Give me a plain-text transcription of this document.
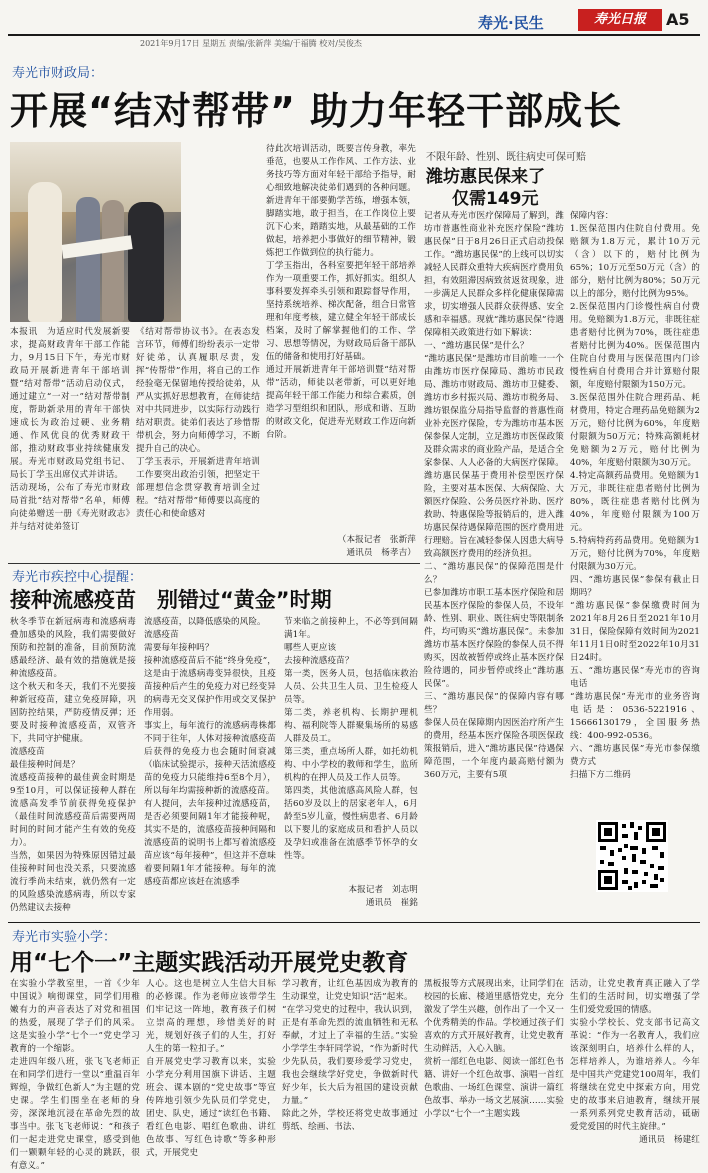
寿光·民生	寿光日报	A5
2021年9月17日 星期五 责编/张新萍 美编/于福腾 校对/吴俊杰
寿光市财政局：
开展“结对帮带” 助力年轻干部成长
本报讯　为适应时代发展新要求，提高财政青年干部工作能力，9月15日下午，寿光市财政局开展新进青年干部培训暨“结对帮带”活动启动仪式，通过建立“一对一”结对帮带制度，帮助新录用的青年干部快速成长为政治过硬、业务精通、作风优良的优秀财政干部，推动财政事业持续健康发展。寿光市财政局党组书记、局长丁学玉出席仪式并讲话。
活动现场，公布了寿光市财政局首批“结对帮带”名单，师傅向徒弟赠送一册《寿光财政志》并与结对徒弟签订
《结对帮带协议书》。在表态发言环节，师傅们纷纷表示一定带好徒弟，认真履职尽责，发挥“传帮带”作用，将自己的工作经验毫无保留地传授给徒弟，从严从实抓好思想教育，在师徒结对中共同进步，以实际行动践行结对职责。徒弟们表达了珍惜帮带机会，努力向师傅学习，不断提升自己的决心。
丁学玉表示，开展新进青年培训工作要突出政治引领，把坚定干部理想信念贯穿教育培训全过程。“结对帮带”师傅要以高度的责任心和使命感对
待此次培训活动，既要言传身教，率先垂范，也要从工作作风、工作方法、业务技巧等方面对年轻干部给予指导，耐心细致地解决徒弟们遇到的各种问题。新进青年干部要勤学苦练，增强本领，脚踏实地，敢于担当，在工作岗位上要沉下心来，踏踏实地，从最基础的工作做起，培养把小事做好的细节精神，锻炼把工作做到位的执行能力。
丁学玉指出，各科室要把年轻干部培养作为一项重要工作，抓好抓实。组织人事科要发挥牵头引领和跟踪督导作用，坚持系统培养、梯次配备，组合日常管理和年度考核，建立健全年轻干部成长档案，及时了解掌握他们的工作、学习、思想等情况，为财政局后备干部队伍的储备和使用打好基础。
通过开展新进青年干部培训暨“结对帮带”活动，师徒以老带新，可以更好地提高年轻干部工作能力和综合素质，创造学习型组织和团队，形成和谐、互助的财政文化，促进寿光财政工作迈向新台阶。
（本报记者　张新萍
通讯员　杨孝吉）
不限年龄、性别、既往病史可保可赔
潍坊惠民保来了
仅需149元
记者从寿光市医疗保障局了解到，潍坊市普惠性商业补充医疗保险“潍坊惠民保”日于8月26日正式启动投保工作。“潍坊惠民保”的上线可以切实减轻人民群众重特大疾病医疗费用负担，有效阻滞因病致贫返贫现象，进一步满足人民群众多样化健康保障需求，切实增强人民群众获得感、安全感和幸福感。现就“潍坊惠民保”待遇保障相关政策进行如下解读：
一、“潍坊惠民保”是什么？
“潍坊惠民保”是潍坊市目前唯一一个由潍坊市医疗保障局、潍坊市民政局、潍坊市财政局、潍坊市卫健委、潍坊市乡村振兴局、潍坊市税务局、潍坊银保监分局指导监督的普惠性商业补充医疗保险，专为潍坊市基本医保参保人定制，立足潍坊市医保政策及群众需求的商业险产品，是适合全家参保、人人必备的大病医疗保障。潍坊惠民保基于费用补偿型医疗保险，主要对基本医保、大病保险、大额医疗保险、公务员医疗补助、医疗救助、特惠保险等报销后的，进入潍坊惠民保待遇保障范围的医疗费用进行理赔。旨在减轻参保人因患大病导致高额医疗费用的经济负担。
二、“潍坊惠民保”的保障范围是什么？
已参加潍坊市职工基本医疗保险和居民基本医疗保险的参保人员，不设年龄、性别、职业、既往病史等限制条件，均可购买“潍坊惠民保”。未参加潍坊市基本医疗保险的参保人员不得购买，因故被暂停或终止基本医疗保险待遇的，同步暂停或终止“潍坊惠民保”。
三、“潍坊惠民保”的保障内容有哪些？
参保人员在保障期内因医治疗所产生的费用，经基本医疗保险各项医保政策报销后，进入“潍坊惠民保”待遇保障范围，一个年度内最高赔付额为360万元，主要有5项
保障内容：
1.医保范围内住院自付费用。免赔额为1.8万元，累计10万元（含）以下的，赔付比例为65%；10万元至50万元（含）的部分，赔付比例为80%；50万元以上的部分，赔付比例为95%。
2.医保范围内门诊慢性病自付费用。免赔额为1.8万元，非既往症患者赔付比例为70%，既往症患者赔付比例为40%。医保范围内住院自付费用与医保范围内门诊慢性病自付费用合并计算赔付限额，年度赔付限额为150万元。
3.医保范围外住院合理药品、耗材费用，特定合理药品免赔额为2万元，赔付比例为60%，年度赔付限额为50万元；特殊高额耗材免赔额为2万元，赔付比例为40%，年度赔付限额为30万元。
4.特定高额药品费用。免赔额为1万元，非既往症患者赔付比例为80%，既往症患者赔付比例为40%，年度赔付限额为100万元。
5.特病特药药品费用。免赔额为1万元，赔付比例为70%，年度赔付限额为30万元。
四、“潍坊惠民保”参保有截止日期吗？
“潍坊惠民保”参保缴费时间为2021年8月26日至2021年10月31日，保险保障有效时间为2021年11月1日0时至2022年10月31日24时。
五、“潍坊惠民保”寿光市的咨询电话
“潍坊惠民保”寿光市的业务咨询电话是：0536-5221916、15666130179，全国服务热线：400-992-0536。
六、“潍坊惠民保”寿光市参保缴费方式
扫描下方二维码
寿光市疾控中心提醒：
接种流感疫苗　别错过“黄金”时期
秋冬季节在新冠病毒和流感病毒叠加感染的风险，我们需要做好预防和控制的准备，目前预防流感最经济、最有效的措施就是接种流感疫苗。
这个秋天和冬天，我们不光要接种新冠疫苗，建立免疫屏障，巩固防控结果，严防疫情反弹；还要及时接种流感疫苗，双管齐下，共同守护健康。
流感疫苗
最佳接种时间是？
流感疫苗接种的最佳黄金时期是9至10月，可以保证接种人群在流感高发季节前获得免疫保护（最佳时间流感疫苗后需要两周时间的时间才能产生有效的免疫力）。
当然，如果因为特殊原因错过最佳接种时间也没关系，只要流感流行季尚未结束，就仍然有一定的风险感染流感病毒，所以专家仍然建议去接种
流感疫苗，以降低感染的风险。
流感疫苗
需要每年接种吗？
接种流感疫苗后不能“终身免疫”，这是由于流感病毒变异很快，且疫苗接种后产生的免疫力对已经变异的病毒无交叉保护作用或交叉保护作用弱。
事实上，每年流行的流感病毒株都不同于往年，人体对接种流感疫苗后获得的免疫力也会随时间衰减（临床试验提示，接种天活流感疫苗的免疫力只能维持6至8个月），所以每年均需接种新的流感疫苗。
有人提问，去年接种过流感疫苗，是否必须要间隔1年才能接种呢，其实不是的，流感疫苗接种间隔和流感疫苗的说明书上都写着流感疫苗应该“每年接种”，但这并不意味着要间隔1年才能接种。每年的流感疫苗都应该赶在流感季
节来临之前接种上，不必等到间隔满1年。
哪些人更应该
去接种流感疫苗？
第一类，医务人员，包括临床救治人员、公共卫生人员、卫生检疫人员等。
第二类，养老机构、长期护理机构、福利院等人群聚集场所的易感人群及员工。
第三类，重点场所人群，如托幼机构、中小学校的教师和学生，监所机构的在押人员及工作人员等。
第四类，其他流感高风险人群，包括60岁及以上的居家老年人，6月龄至5岁儿童，慢性病患者、6月龄以下婴儿的家庭成员和看护人员以及孕妇或准备在流感季节怀孕的女性等。
本报记者　刘志明
通讯员　崔銘
寿光市实验小学：
用“七个一”主题实践活动开展党史教育
在实验小学教室里，一首《少年中国说》响彻课堂，同学们用稚嫩有力的声音表达了对党和祖国的热爱，展现了学子们的风采。这是实验小学“七个一”党史学习教育的一个缩影。
走进四年级八班，张飞飞老师正在和同学们进行一堂以“重温百年辉煌，争做红色新人”为主题的党史课。学生们围坐在老师的身旁，深深地沉浸在革命先烈的故事当中。张飞飞老师说：“和孩子们一起走进党史课堂，感受到他们一颗颗年轻的心灵的跳跃，很有意义。”
人心。这也是树立人生信大目标的必修课。作为老师应该带学生们牢记这一阵地，教育孩子们树立崇高的理想，珍惜美好的时光，规划好孩子们的人生，打好人生的第一粒扣子。”
自开展党史学习教育以来，实验小学充分利用国旗下讲话、主题班会、课本剧的“党史故事”等宣传阵地引领少先队员们学党史，团史、队史，通过“读红色书籍、看红色电影、唱红色歌曲、讲红色故事、写红色诗歌”等多种形式，开展党史
学习教育，让红色基因成为教育的生动课堂，让党史知识“活”起来。
“在学习党史的过程中，我认识到，正是有革命先烈的流血牺牲和无私奉献，才过上了幸福的生活。”实验小学学生李轩同学说，“作为新时代少先队员，我们要珍爱学习党史，我也会继续学好党史，争做新时代好少年，长大后为祖国的建设贡献力量。”
除此之外，学校还将党史故事通过剪纸、绘画、书法、
黑板报等方式展现出来，让同学们在校园的长廊、楼道里感悟党史，充分激发了学生兴趣，创作出了一个又一个优秀精美的作品。学校通过孩子们喜欢的方式开展好教育，让党史教育生动鲜活，入心入脑。
赏析一部红色电影、阅读一部红色书籍、讲好一个红色故事、演唱一首红色歌曲、一场红色课堂、演讲一篇红色故事、举办一场文艺展演……实验小学以“七个一”主题实践
活动，让党史教育真正融入了学生们的生活时间，切实增强了学生们爱党爱国的情感。
实验小学校长、党支部书记高文革说：“作为一名教育人，我们应该深刻明白，培养什么样的人，怎样培养人，为谁培养人。今年是中国共产党建党100周年，我们将继续在党史中探索方向，用党史的故事来启迪教育，继续开展一系列系列党史教育活动，砥砺爱党爱国的时代主旋律。”
通讯员　杨建红
